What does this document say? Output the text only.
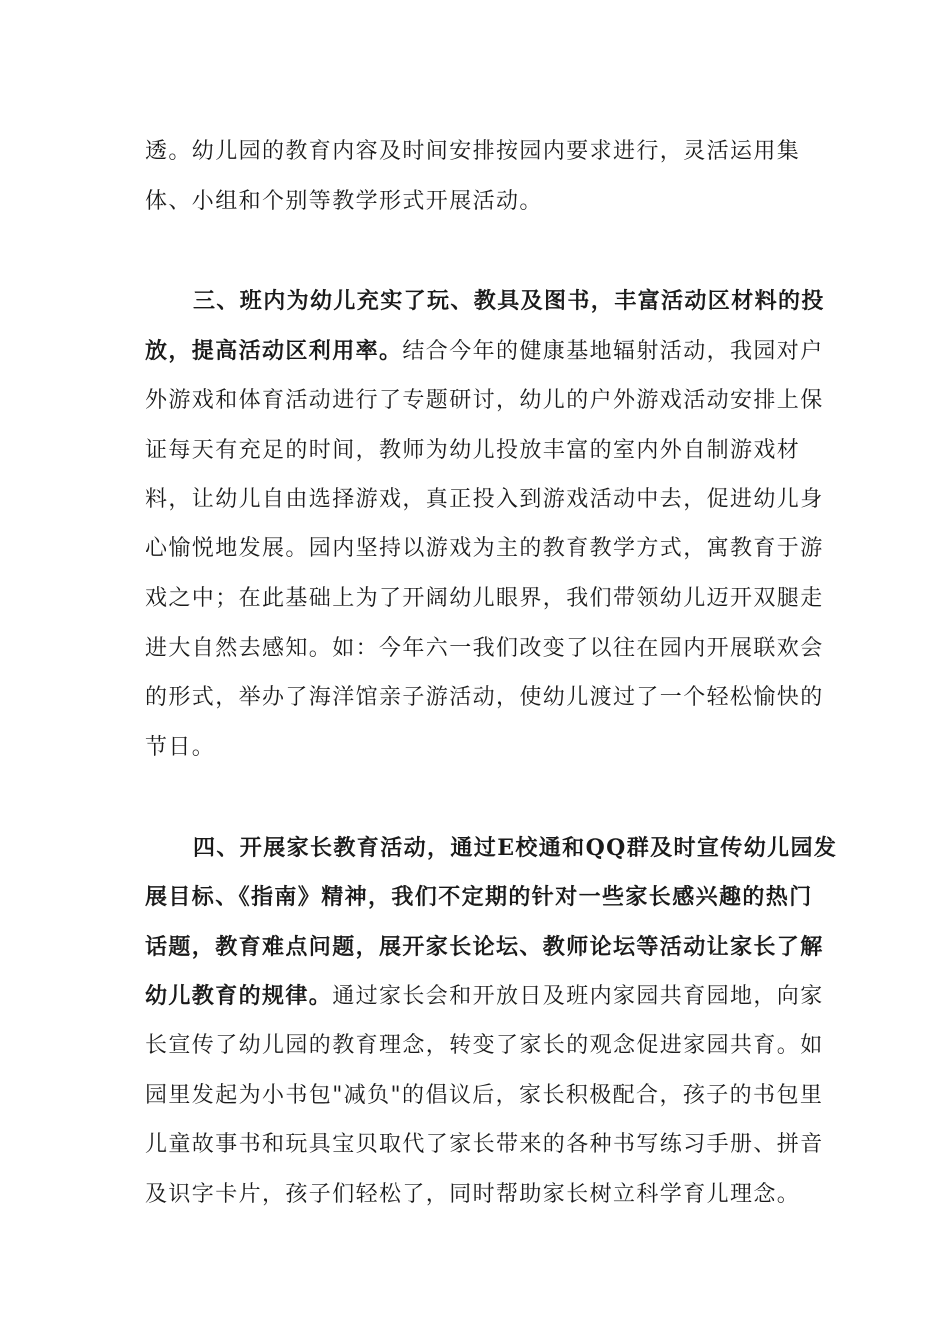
透。幼儿园的教育内容及时间安排按园内要求进行，灵活运用集
体、小组和个别等教学形式开展活动。
三、班内为幼儿充实了玩、教具及图书，丰富活动区材料的投
放，提高活动区利用率。结合今年的健康基地辐射活动，我园对户
外游戏和体育活动进行了专题研讨，幼儿的户外游戏活动安排上保
证每天有充足的时间，教师为幼儿投放丰富的室内外自制游戏材
料，让幼儿自由选择游戏，真正投入到游戏活动中去，促进幼儿身
心愉悦地发展。园内坚持以游戏为主的教育教学方式，寓教育于游
戏之中；在此基础上为了开阔幼儿眼界，我们带领幼儿迈开双腿走
进大自然去感知。如：今年六一我们改变了以往在园内开展联欢会
的形式，举办了海洋馆亲子游活动，使幼儿渡过了一个轻松愉快的
节日。
四、开展家长教育活动，通过E校通和QQ群及时宣传幼儿园发
展目标、《指南》精神，我们不定期的针对一些家长感兴趣的热门
话题，教育难点问题，展开家长论坛、教师论坛等活动让家长了解
幼儿教育的规律。通过家长会和开放日及班内家园共育园地，向家
长宣传了幼儿园的教育理念，转变了家长的观念促进家园共育。如
园里发起为小书包"减负"的倡议后，家长积极配合，孩子的书包里
儿童故事书和玩具宝贝取代了家长带来的各种书写练习手册、拼音
及识字卡片，孩子们轻松了，同时帮助家长树立科学育儿理念。
